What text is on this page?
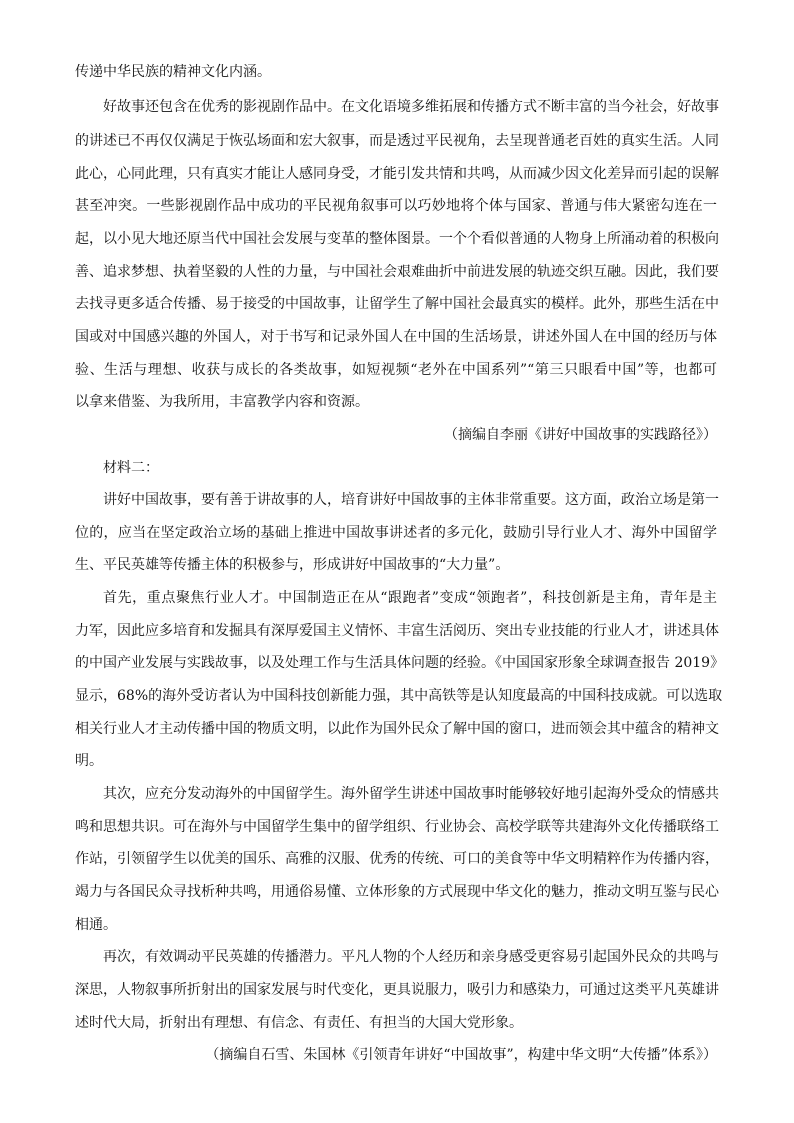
传递中华民族的精神文化内涵。
好故事还包含在优秀的影视剧作品中。在文化语境多维拓展和传播方式不断丰富的当今社会，好故事
的讲述已不再仅仅满足于恢弘场面和宏大叙事，而是透过平民视角，去呈现普通老百姓的真实生活。人同
此心，心同此理，只有真实才能让人感同身受，才能引发共情和共鸣，从而减少因文化差异而引起的误解
甚至冲突。一些影视剧作品中成功的平民视角叙事可以巧妙地将个体与国家、普通与伟大紧密勾连在一
起，以小见大地还原当代中国社会发展与变革的整体图景。一个个看似普通的人物身上所涌动着的积极向
善、追求梦想、执着坚毅的人性的力量，与中国社会艰难曲折中前进发展的轨迹交织互融。因此，我们要
去找寻更多适合传播、易于接受的中国故事，让留学生了解中国社会最真实的模样。此外，那些生活在中
国或对中国感兴趣的外国人，对于书写和记录外国人在中国的生活场景，讲述外国人在中国的经历与体
验、生活与理想、收获与成长的各类故事，如短视频“老外在中国系列”“第三只眼看中国”等，也都可
以拿来借鉴、为我所用，丰富教学内容和资源。
（摘编自李丽《讲好中国故事的实践路径》）
材料二：
讲好中国故事，要有善于讲故事的人，培育讲好中国故事的主体非常重要。这方面，政治立场是第一
位的，应当在坚定政治立场的基础上推进中国故事讲述者的多元化，鼓励引导行业人才、海外中国留学
生、平民英雄等传播主体的积极参与，形成讲好中国故事的“大力量”。
首先，重点聚焦行业人才。中国制造正在从“跟跑者”变成“领跑者”，科技创新是主角，青年是主
力军，因此应多培育和发掘具有深厚爱国主义情怀、丰富生活阅历、突出专业技能的行业人才，讲述具体
的中国产业发展与实践故事，以及处理工作与生活具体问题的经验。《中国国家形象全球调查报告 2019》
显示，68%的海外受访者认为中国科技创新能力强，其中高铁等是认知度最高的中国科技成就。可以选取
相关行业人才主动传播中国的物质文明，以此作为国外民众了解中国的窗口，进而领会其中蕴含的精神文
明。
其次，应充分发动海外的中国留学生。海外留学生讲述中国故事时能够较好地引起海外受众的情感共
鸣和思想共识。可在海外与中国留学生集中的留学组织、行业协会、高校学联等共建海外文化传播联络工
作站，引领留学生以优美的国乐、高雅的汉服、优秀的传统、可口的美食等中华文明精粹作为传播内容，
竭力与各国民众寻找析种共鸣，用通俗易懂、立体形象的方式展现中华文化的魅力，推动文明互鉴与民心
相通。
再次，有效调动平民英雄的传播潜力。平凡人物的个人经历和亲身感受更容易引起国外民众的共鸣与
深思，人物叙事所折射出的国家发展与时代变化，更具说服力，吸引力和感染力，可通过这类平凡英雄讲
述时代大局，折射出有理想、有信念、有责任、有担当的大国大党形象。
（摘编自石雪、朱国林《引领青年讲好“中国故事”，构建中华文明“大传播”体系》）
